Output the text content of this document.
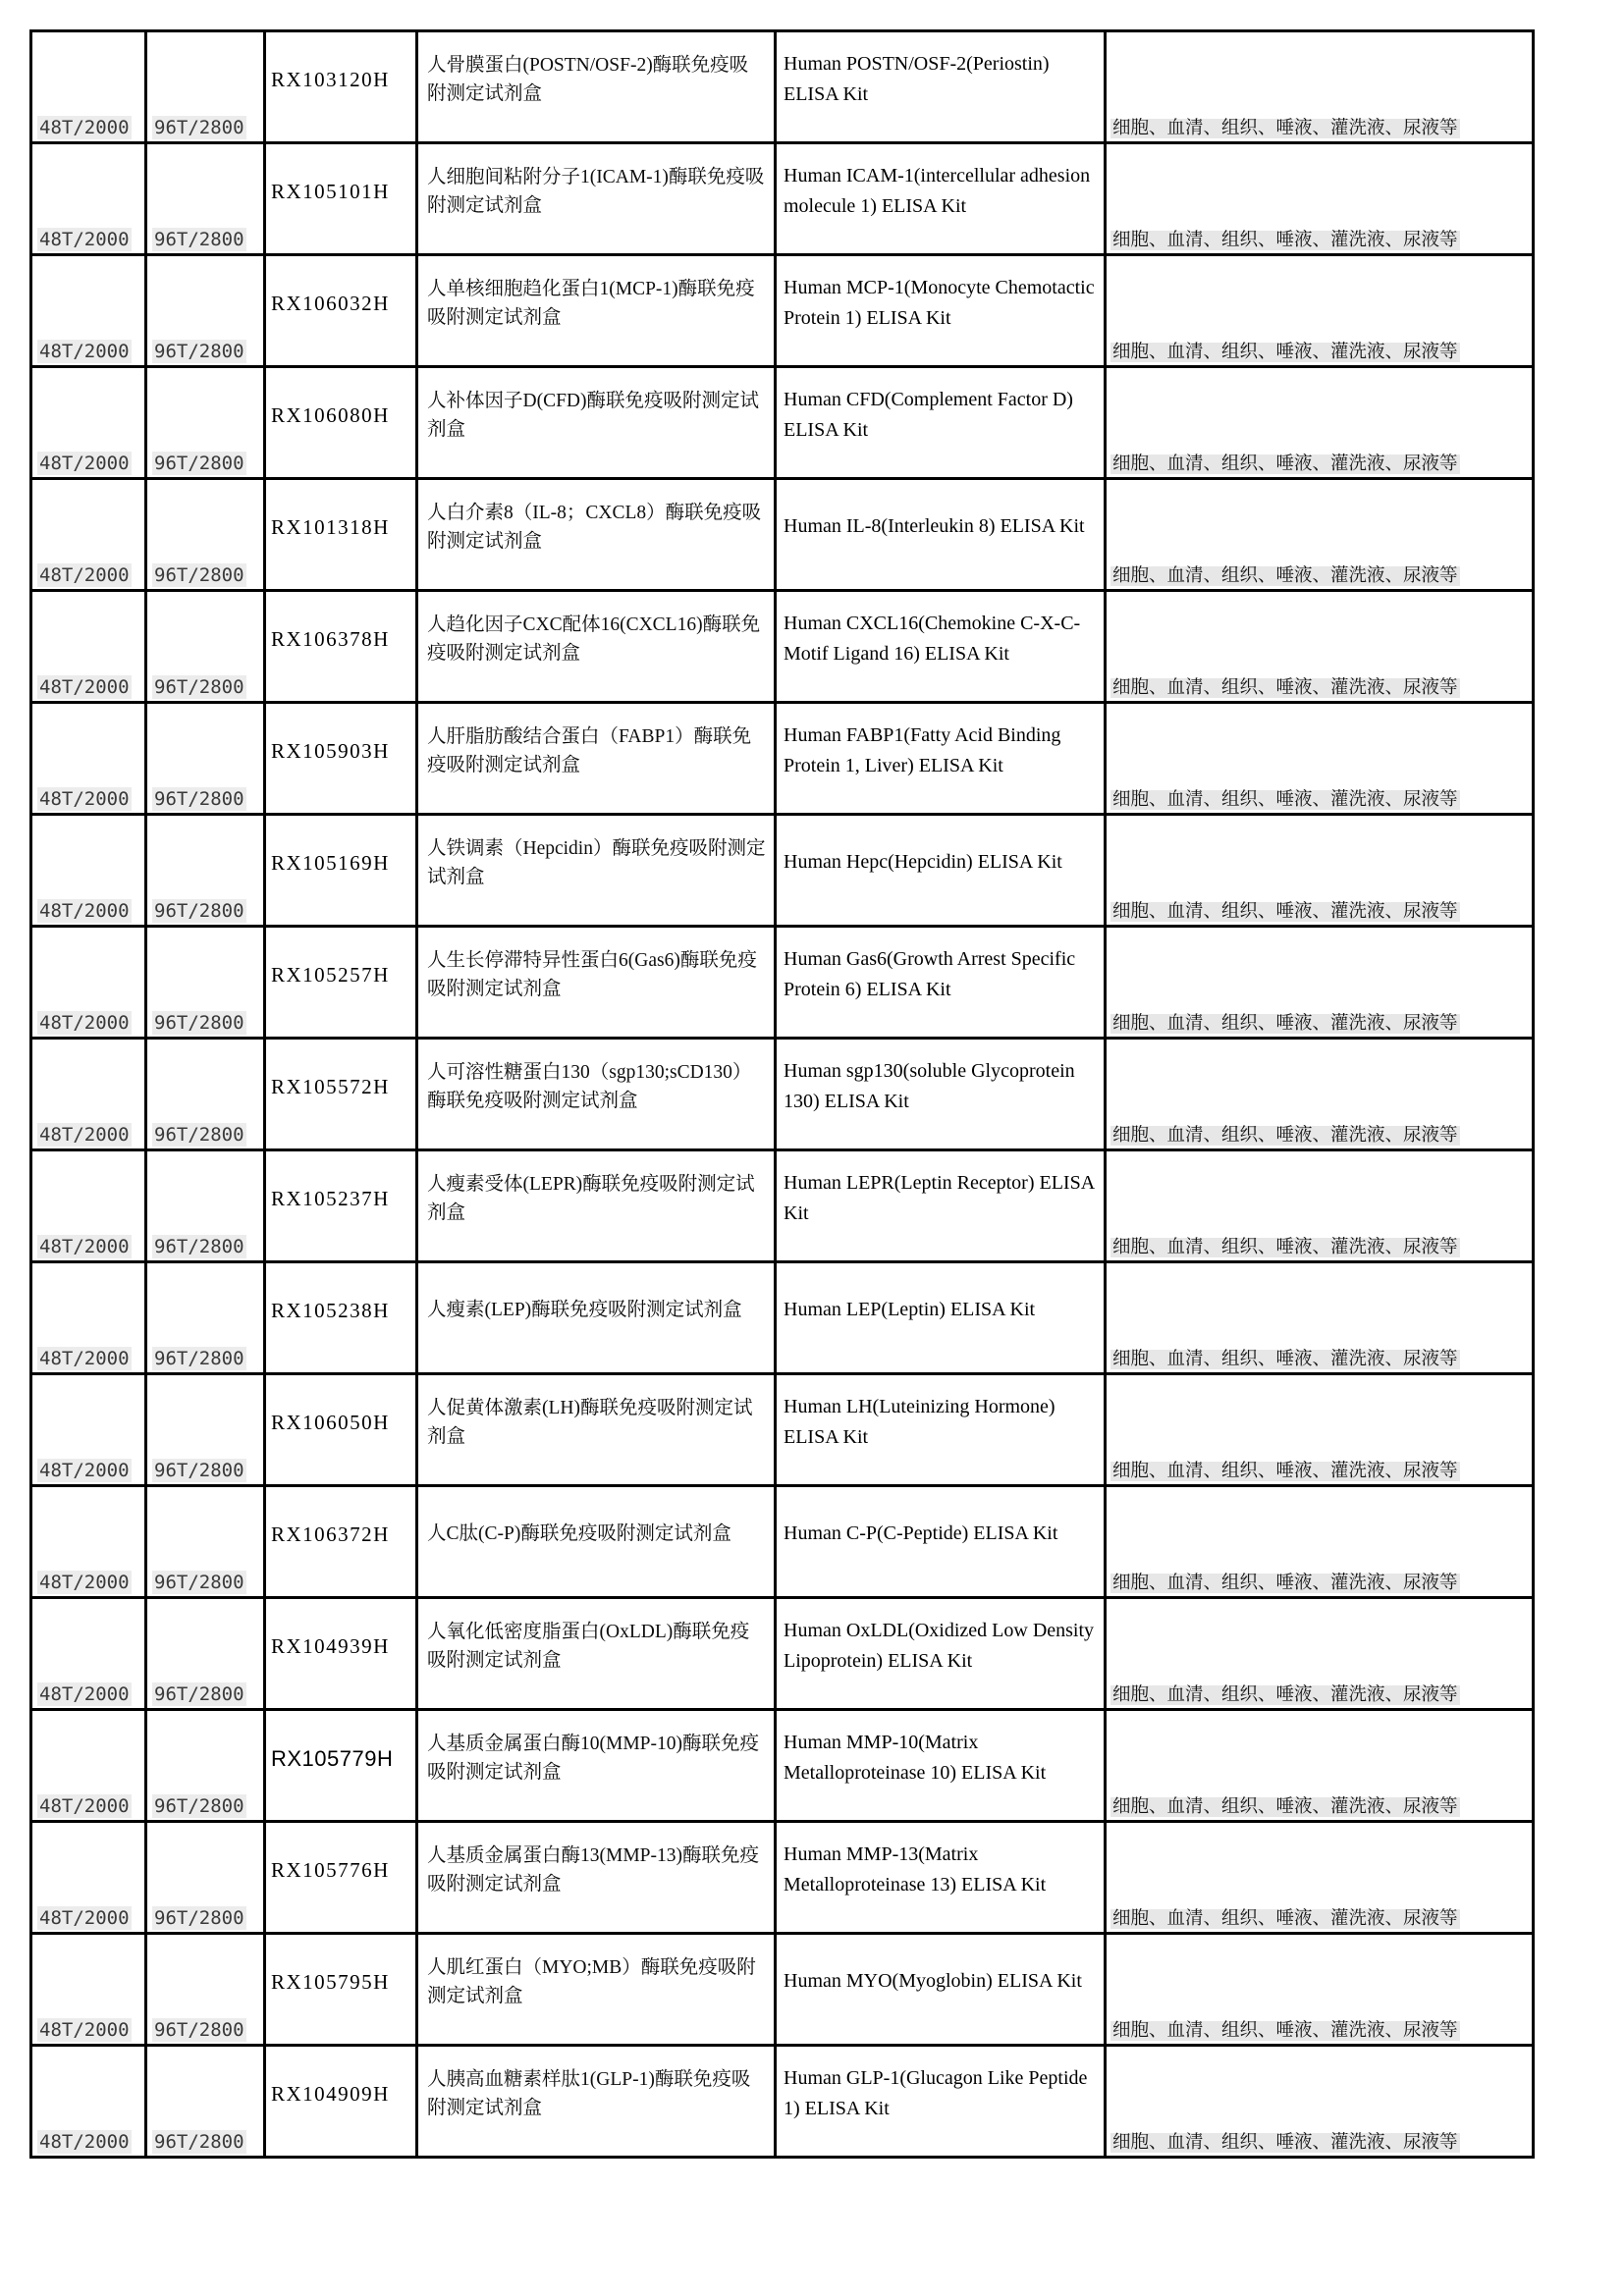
48T/2000	96T/2800	RX103120H	人骨膜蛋白(POSTN/OSF-2)酶联免疫吸附测定试剂盒	Human POSTN/OSF-2(Periostin) ELISA Kit	细胞、血清、组织、唾液、灌洗液、尿液等
48T/2000	96T/2800	RX105101H	人细胞间粘附分子1(ICAM-1)酶联免疫吸附测定试剂盒	Human ICAM-1(intercellular adhesion molecule 1) ELISA Kit	细胞、血清、组织、唾液、灌洗液、尿液等
48T/2000	96T/2800	RX106032H	人单核细胞趋化蛋白1(MCP-1)酶联免疫吸附测定试剂盒	Human MCP-1(Monocyte Chemotactic Protein 1) ELISA Kit	细胞、血清、组织、唾液、灌洗液、尿液等
48T/2000	96T/2800	RX106080H	人补体因子D(CFD)酶联免疫吸附测定试剂盒	Human CFD(Complement Factor D) ELISA Kit	细胞、血清、组织、唾液、灌洗液、尿液等
48T/2000	96T/2800	RX101318H	人白介素8（IL-8；CXCL8）酶联免疫吸附测定试剂盒	Human IL-8(Interleukin 8) ELISA Kit	细胞、血清、组织、唾液、灌洗液、尿液等
48T/2000	96T/2800	RX106378H	人趋化因子CXC配体16(CXCL16)酶联免疫吸附测定试剂盒	Human CXCL16(Chemokine C-X-C-Motif Ligand 16) ELISA Kit	细胞、血清、组织、唾液、灌洗液、尿液等
48T/2000	96T/2800	RX105903H	人肝脂肪酸结合蛋白（FABP1）酶联免疫吸附测定试剂盒	Human FABP1(Fatty Acid Binding Protein 1, Liver) ELISA Kit	细胞、血清、组织、唾液、灌洗液、尿液等
48T/2000	96T/2800	RX105169H	人铁调素（Hepcidin）酶联免疫吸附测定试剂盒	Human Hepc(Hepcidin) ELISA Kit	细胞、血清、组织、唾液、灌洗液、尿液等
48T/2000	96T/2800	RX105257H	人生长停滞特异性蛋白6(Gas6)酶联免疫吸附测定试剂盒	Human Gas6(Growth Arrest Specific Protein 6) ELISA Kit	细胞、血清、组织、唾液、灌洗液、尿液等
48T/2000	96T/2800	RX105572H	人可溶性糖蛋白130（sgp130;sCD130）酶联免疫吸附测定试剂盒	Human sgp130(soluble Glycoprotein 130) ELISA Kit	细胞、血清、组织、唾液、灌洗液、尿液等
48T/2000	96T/2800	RX105237H	人瘦素受体(LEPR)酶联免疫吸附测定试剂盒	Human LEPR(Leptin Receptor) ELISA Kit	细胞、血清、组织、唾液、灌洗液、尿液等
48T/2000	96T/2800	RX105238H	人瘦素(LEP)酶联免疫吸附测定试剂盒	Human LEP(Leptin) ELISA Kit	细胞、血清、组织、唾液、灌洗液、尿液等
48T/2000	96T/2800	RX106050H	人促黄体激素(LH)酶联免疫吸附测定试剂盒	Human LH(Luteinizing Hormone) ELISA Kit	细胞、血清、组织、唾液、灌洗液、尿液等
48T/2000	96T/2800	RX106372H	人C肽(C-P)酶联免疫吸附测定试剂盒	Human C-P(C-Peptide) ELISA Kit	细胞、血清、组织、唾液、灌洗液、尿液等
48T/2000	96T/2800	RX104939H	人氧化低密度脂蛋白(OxLDL)酶联免疫吸附测定试剂盒	Human OxLDL(Oxidized Low Density Lipoprotein) ELISA Kit	细胞、血清、组织、唾液、灌洗液、尿液等
48T/2000	96T/2800	RX105779H	人基质金属蛋白酶10(MMP-10)酶联免疫吸附测定试剂盒	Human MMP-10(Matrix Metalloproteinase 10) ELISA Kit	细胞、血清、组织、唾液、灌洗液、尿液等
48T/2000	96T/2800	RX105776H	人基质金属蛋白酶13(MMP-13)酶联免疫吸附测定试剂盒	Human MMP-13(Matrix Metalloproteinase 13) ELISA Kit	细胞、血清、组织、唾液、灌洗液、尿液等
48T/2000	96T/2800	RX105795H	人肌红蛋白（MYO;MB）酶联免疫吸附测定试剂盒	Human MYO(Myoglobin) ELISA Kit	细胞、血清、组织、唾液、灌洗液、尿液等
48T/2000	96T/2800	RX104909H	人胰高血糖素样肽1(GLP-1)酶联免疫吸附测定试剂盒	Human GLP-1(Glucagon Like Peptide 1) ELISA Kit	细胞、血清、组织、唾液、灌洗液、尿液等
